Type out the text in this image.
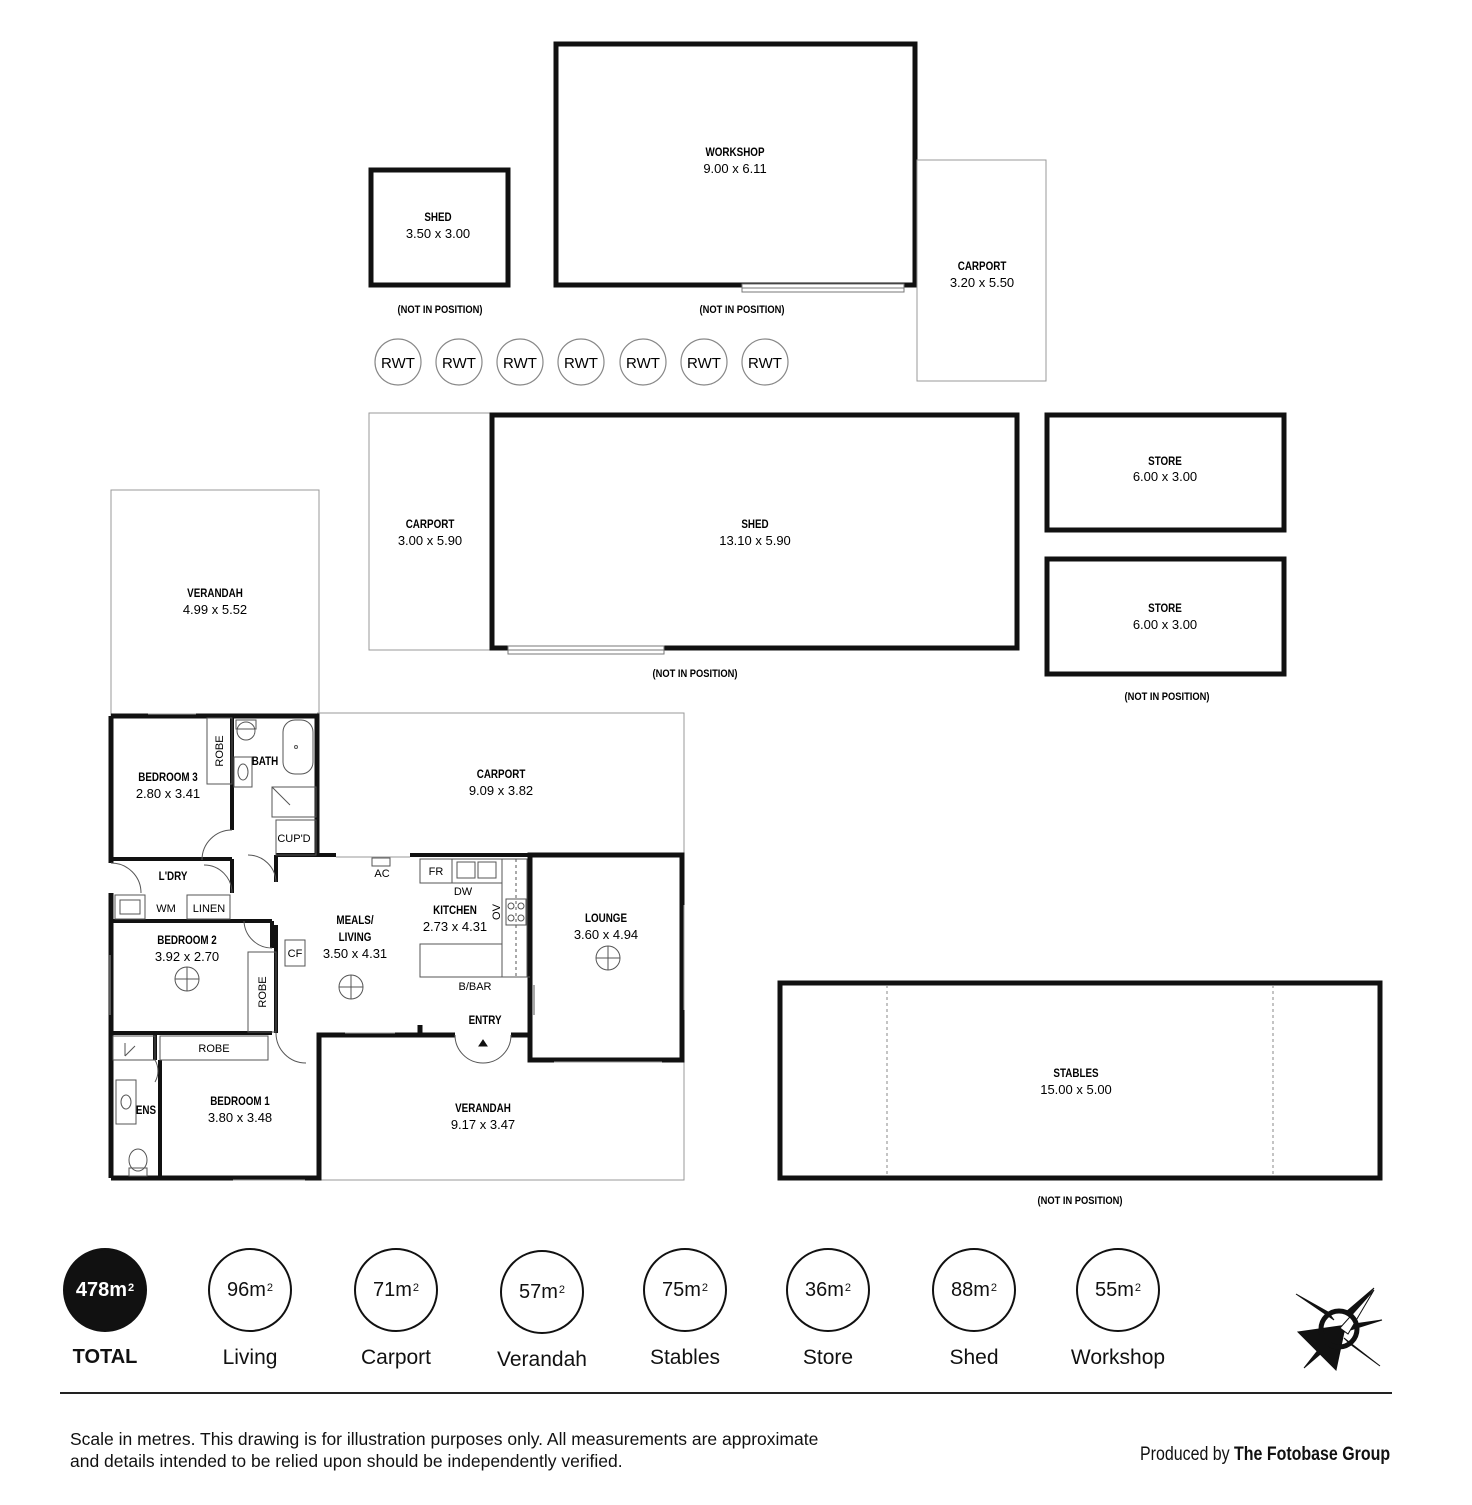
WORKSHOP
9.00 x 6.11
(NOT IN POSITION)
SHED
3.50 x 3.00
(NOT IN POSITION)
CARPORT
3.20 x 5.50
RWT RWT RWT RWT RWT RWT RWT
CARPORT
3.00 x 5.90
SHED
13.10 x 5.90
(NOT IN POSITION)
STORE
6.00 x 3.00
STORE
6.00 x 3.00
(NOT IN POSITION)
STABLES
15.00 x 5.00
(NOT IN POSITION)
VERANDAH
4.99 x 5.52
CARPORT
9.09 x 3.82
VERANDAH
9.17 x 3.47
BEDROOM 3
2.80 x 3.41
ROBE BATH
CUP'D
L'DRY
WM LINEN
MEALS/
LIVING
3.50 x 4.31
FR
DW
AC
OV
KITCHEN
2.73 x 4.31
LOUNGE
3.60 x 4.94
BEDROOM 2
3.92 x 2.70	CF
ROBE	B/BAR
ENTRY
ROBE
ENS
BEDROOM 1
3.80 x 3.48
$478m^2$
TOTAL
$96m^2$
Living
$71m^2$
Carport
$57m^2$
Verandah
$75m^2$
Stables
$36m^2$
Store
$88m^2$
Shed
$55m^2$
Workshop
Scale in metres. This drawing is for illustration purposes only. All measurements are approximate and details intended to be relied upon should be independently verified.	Produced by The Fotobase Group
